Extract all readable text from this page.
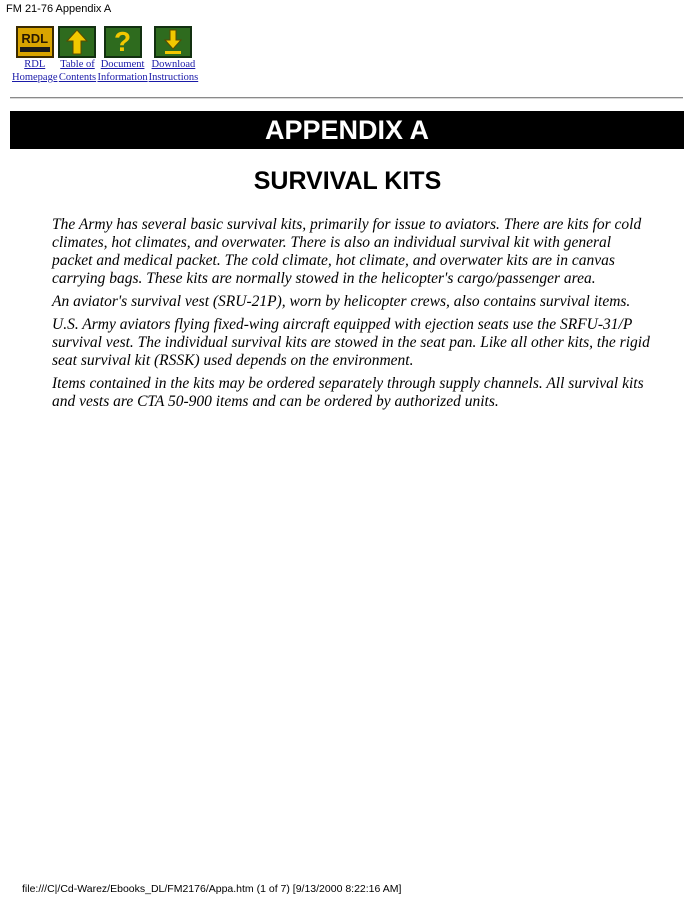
FM 21-76 Appendix A
RDL
RDL
Homepage
Table of
Contents
?
Document
Information
Download
Instructions
APPENDIX A
SURVIVAL KITS

The Army has several basic survival kits, primarily for issue to aviators. There are kits for cold climates, hot climates, and overwater. There is also an individual survival kit with general packet and medical packet. The cold climate, hot climate, and overwater kits are in canvas carrying bags. These kits are normally stowed in the helicopter's cargo/passenger area.

An aviator's survival vest (SRU-21P), worn by helicopter crews, also contains survival items.

U.S. Army aviators flying fixed-wing aircraft equipped with ejection seats use the SRFU-31/P survival vest. The individual survival kits are stowed in the seat pan. Like all other kits, the rigid seat survival kit (RSSK) used depends on the environment.

Items contained in the kits may be ordered separately through supply channels. All survival kits and vests are CTA 50-900 items and can be ordered by authorized units.

file:///C|/Cd-Warez/Ebooks_DL/FM2176/Appa.htm (1 of 7) [9/13/2000 8:22:16 AM]
